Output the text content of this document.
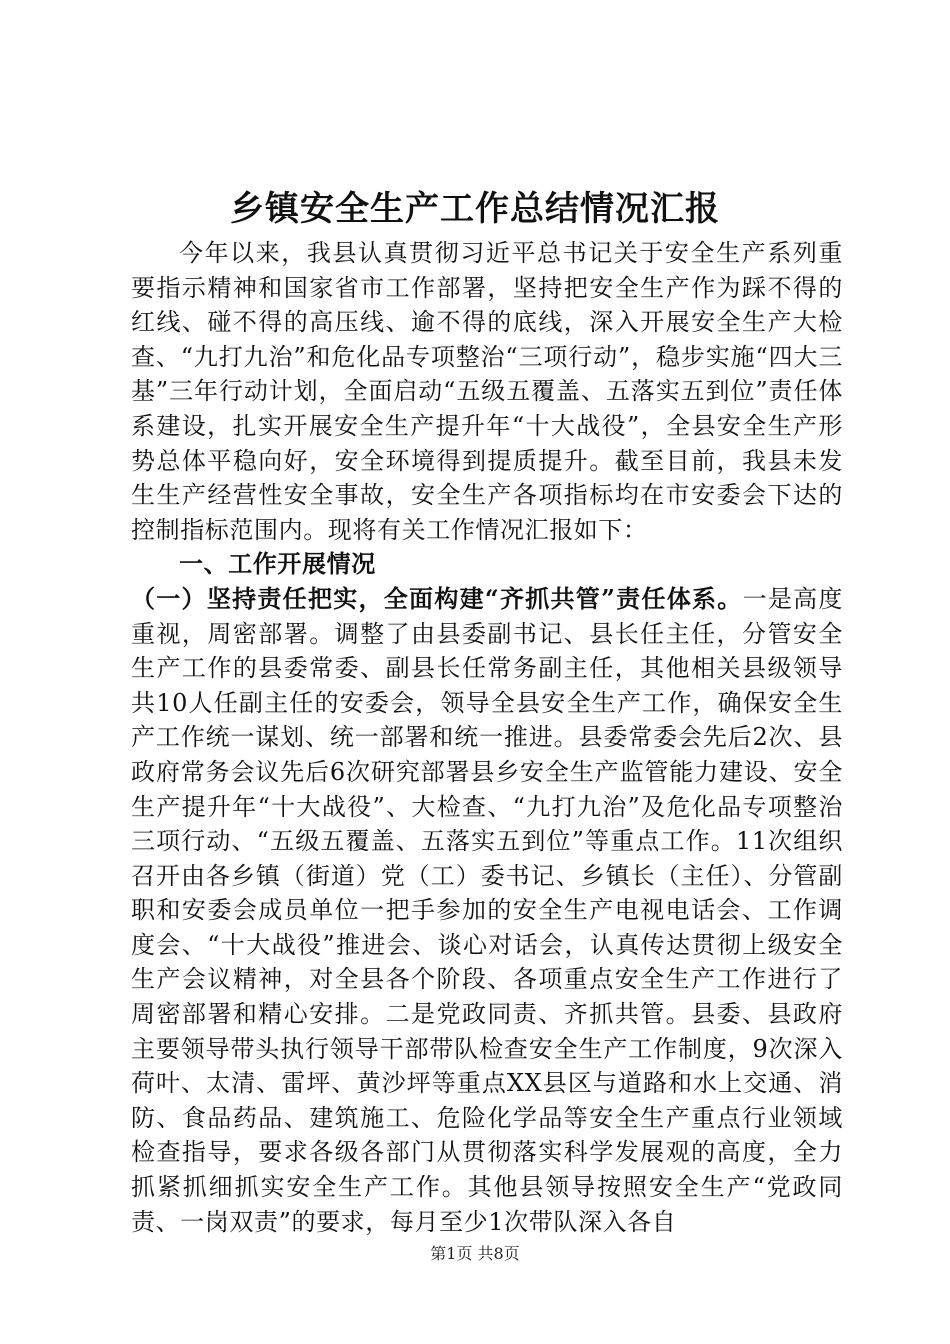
乡镇安全生产工作总结情况汇报

今年以来，我县认真贯彻习近平总书记关于安全生产系列重要指示精神和国家省市工作部署，坚持把安全生产作为踩不得的红线、碰不得的高压线、逾不得的底线，深入开展安全生产大检查、“九打九治”和危化品专项整治“三项行动”，稳步实施“四大三基”三年行动计划，全面启动“五级五覆盖、五落实五到位”责任体系建设，扎实开展安全生产提升年“十大战役”，全县安全生产形势总体平稳向好，安全环境得到提质提升。截至目前，我县未发生生产经营性安全事故，安全生产各项指标均在市安委会下达的控制指标范围内。现将有关工作情况汇报如下：

一、工作开展情况

（一）坚持责任把实，全面构建“齐抓共管”责任体系。一是高度重视，周密部署。调整了由县委副书记、县长任主任，分管安全生产工作的县委常委、副县长任常务副主任，其他相关县级领导共10人任副主任的安委会，领导全县安全生产工作，确保安全生产工作统一谋划、统一部署和统一推进。县委常委会先后2次、县政府常务会议先后6次研究部署县乡安全生产监管能力建设、安全生产提升年“十大战役”、大检查、“九打九治”及危化品专项整治三项行动、“五级五覆盖、五落实五到位”等重点工作。11次组织召开由各乡镇（街道）党（工）委书记、乡镇长（主任）、分管副职和安委会成员单位一把手参加的安全生产电视电话会、工作调度会、“十大战役”推进会、谈心对话会，认真传达贯彻上级安全生产会议精神，对全县各个阶段、各项重点安全生产工作进行了周密部署和精心安排。二是党政同责、齐抓共管。县委、县政府主要领导带头执行领导干部带队检查安全生产工作制度，9次深入荷叶、太清、雷坪、黄沙坪等重点XX县区与道路和水上交通、消防、食品药品、建筑施工、危险化学品等安全生产重点行业领域检查指导，要求各级各部门从贯彻落实科学发展观的高度，全力抓紧抓细抓实安全生产工作。其他县领导按照安全生产“党政同责、一岗双责”的要求，每月至少1次带队深入各自

第1页 共8页
